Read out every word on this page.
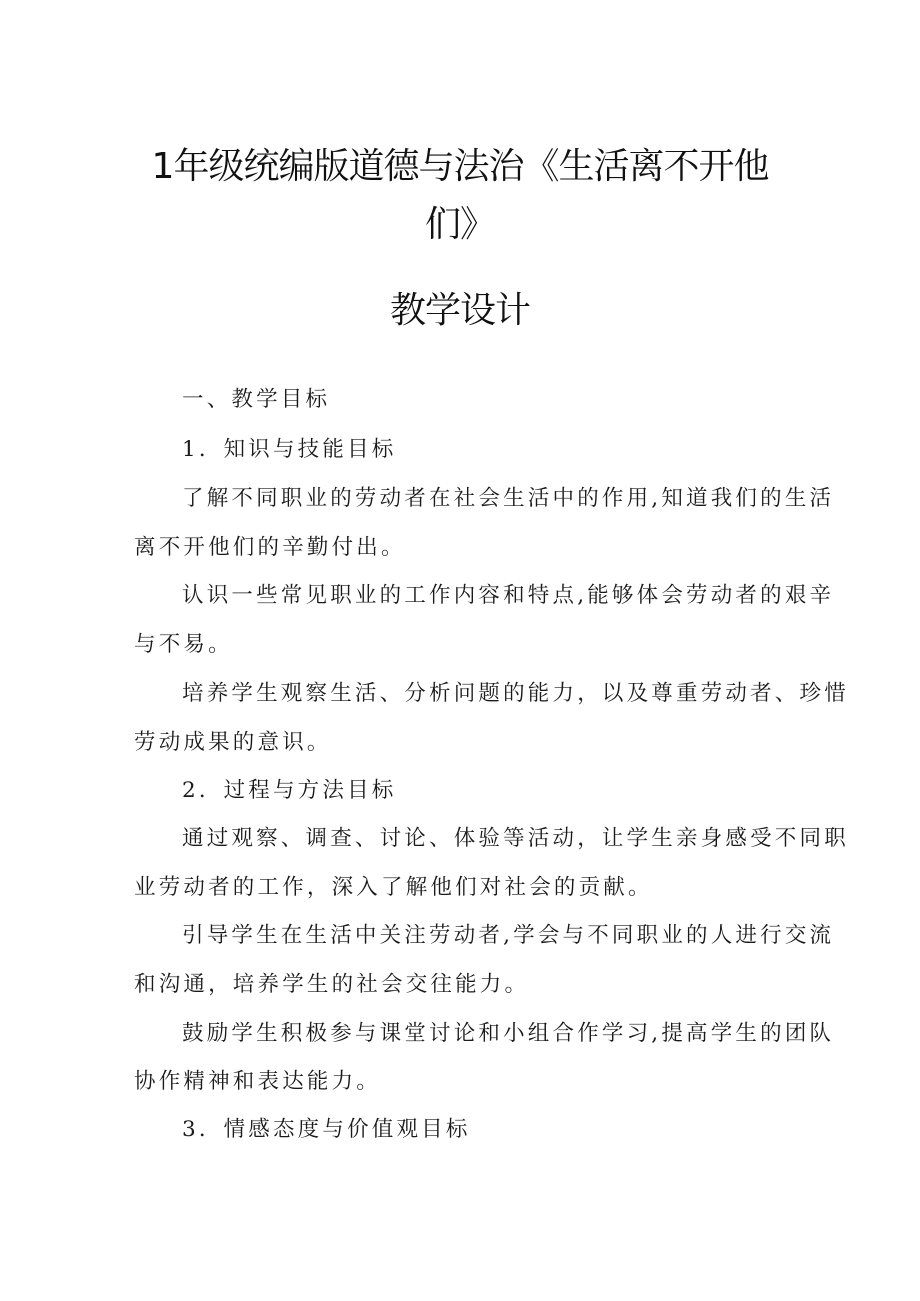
1年级统编版道德与法治《生活离不开他
们》
教学设计
一、教学目标
1．知识与技能目标
了解不同职业的劳动者在社会生活中的作用,知道我们的生活
离不开他们的辛勤付出。
认识一些常见职业的工作内容和特点,能够体会劳动者的艰辛
与不易。
培养学生观察生活、分析问题的能力，以及尊重劳动者、珍惜
劳动成果的意识。
2．过程与方法目标
通过观察、调查、讨论、体验等活动，让学生亲身感受不同职
业劳动者的工作，深入了解他们对社会的贡献。
引导学生在生活中关注劳动者,学会与不同职业的人进行交流
和沟通，培养学生的社会交往能力。
鼓励学生积极参与课堂讨论和小组合作学习,提高学生的团队
协作精神和表达能力。
3．情感态度与价值观目标
